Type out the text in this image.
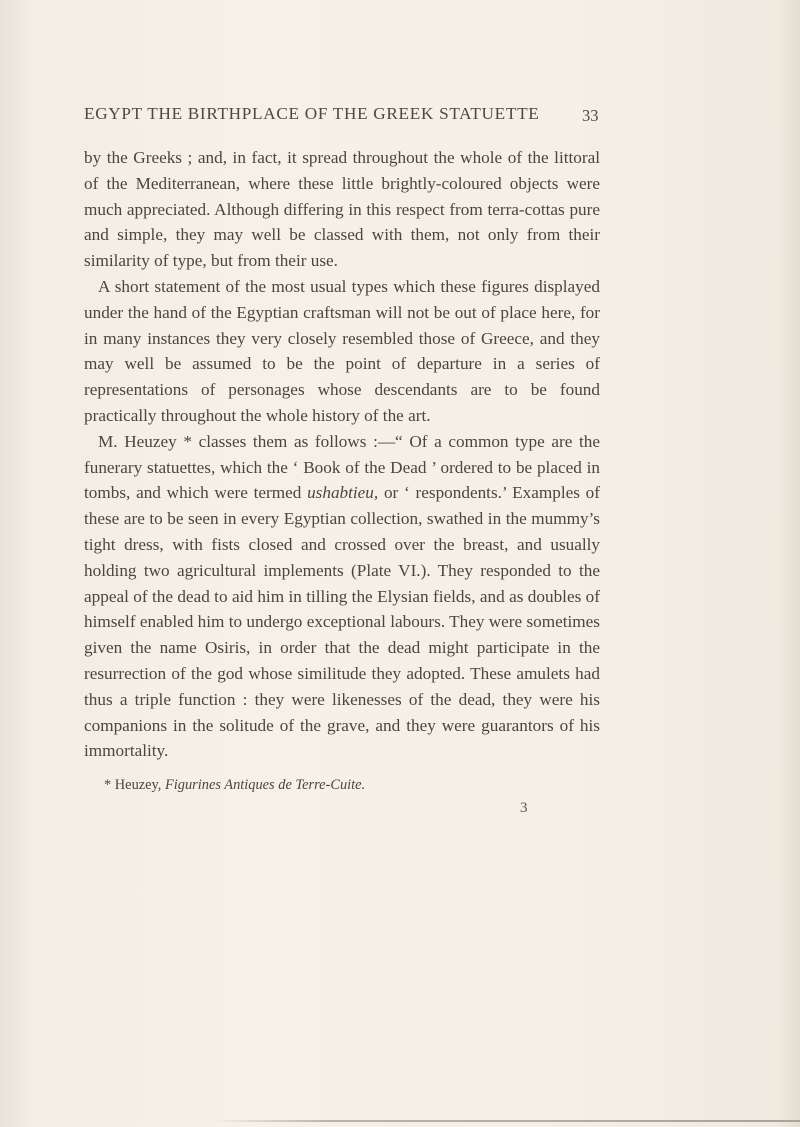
EGYPT THE BIRTHPLACE OF THE GREEK STATUETTE	33

by the Greeks ; and, in fact, it spread throughout the whole of the littoral of the Mediterranean, where these little brightly-coloured objects were much appreciated. Although differing in this respect from terra-cottas pure and simple, they may well be classed with them, not only from their similarity of type, but from their use.

A short statement of the most usual types which these figures displayed under the hand of the Egyptian craftsman will not be out of place here, for in many instances they very closely resembled those of Greece, and they may well be assumed to be the point of departure in a series of representations of personages whose descendants are to be found practically throughout the whole history of the art.

M. Heuzey * classes them as follows :—“ Of a common type are the funerary statuettes, which the ‘ Book of the Dead ’ ordered to be placed in tombs, and which were termed ushabtieu, or ‘ respondents.’ Examples of these are to be seen in every Egyptian collection, swathed in the mummy’s tight dress, with fists closed and crossed over the breast, and usually holding two agricultural implements (Plate VI.). They responded to the appeal of the dead to aid him in tilling the Elysian fields, and as doubles of himself enabled him to undergo exceptional labours. They were sometimes given the name Osiris, in order that the dead might participate in the resurrection of the god whose similitude they adopted. These amulets had thus a triple function : they were likenesses of the dead, they were his companions in the solitude of the grave, and they were guarantors of his immortality.

* Heuzey, Figurines Antiques de Terre-Cuite.
3
